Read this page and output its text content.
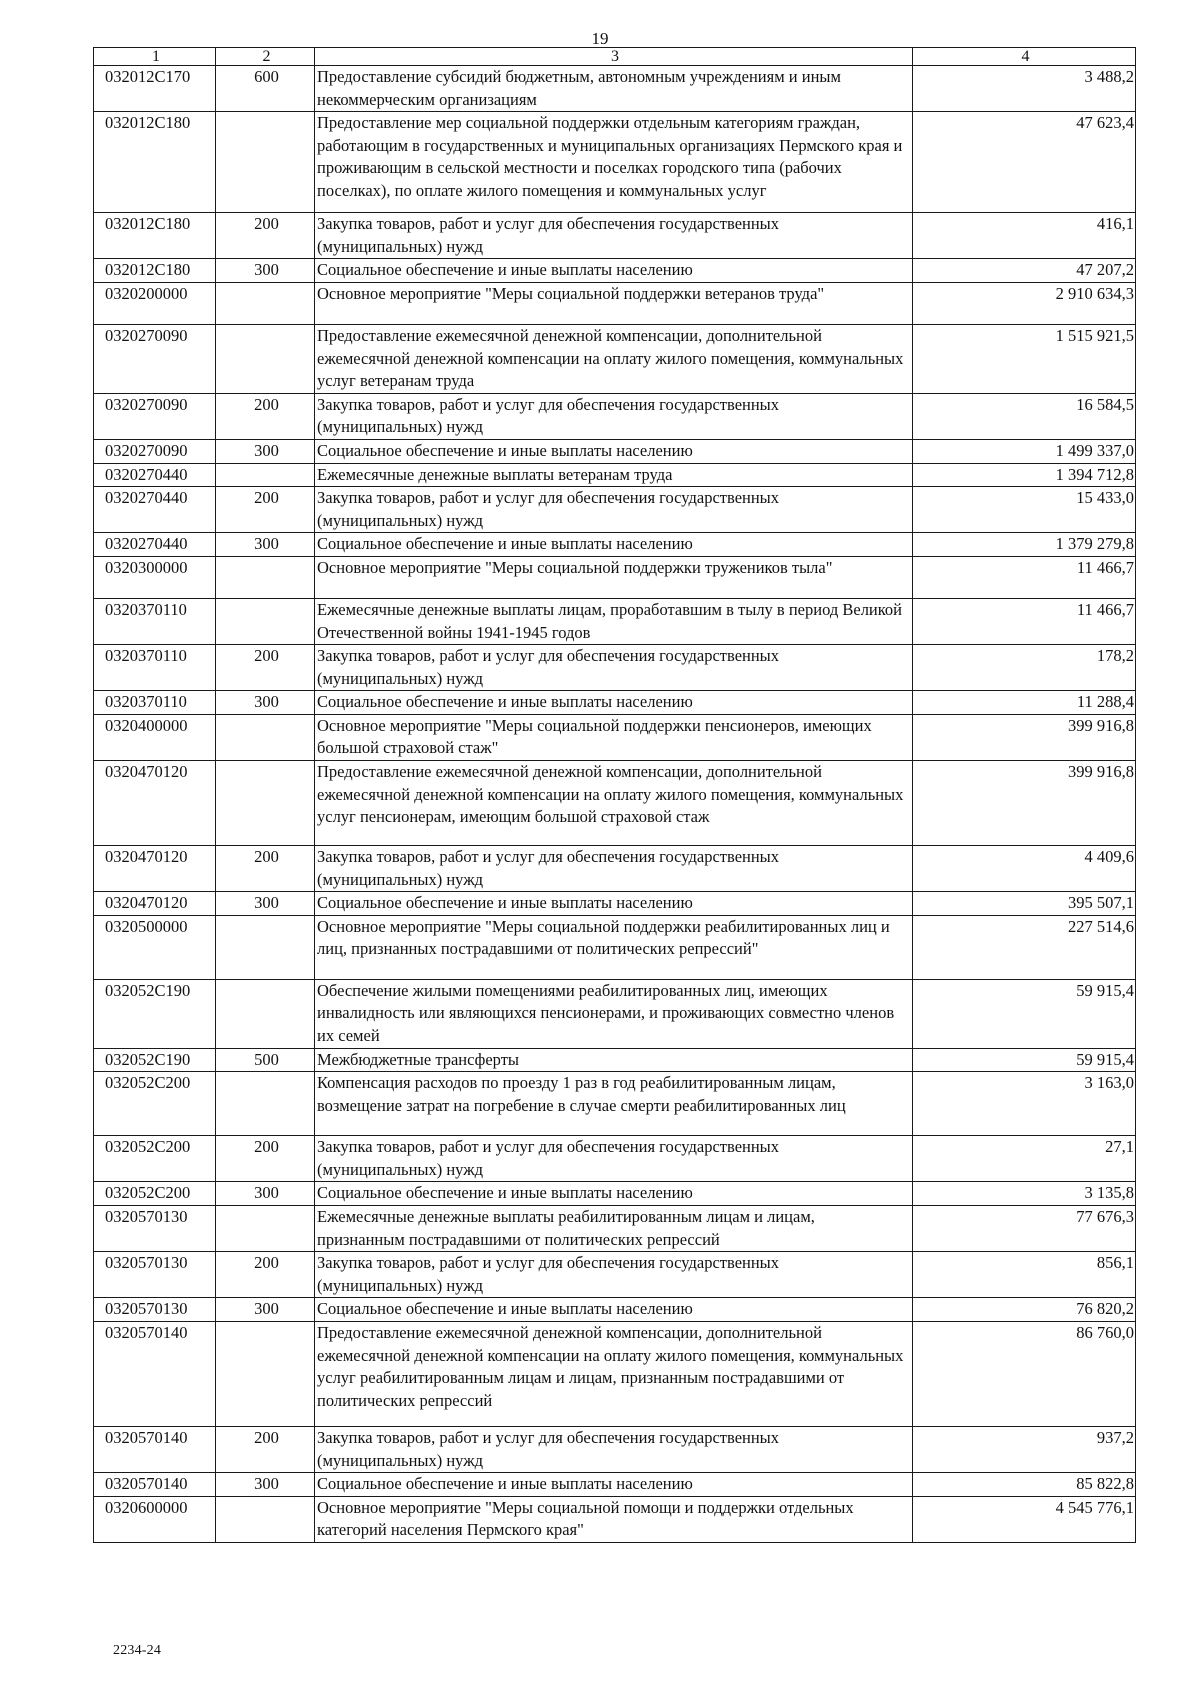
19
1	2	3	4
032012С170	600	Предоставление субсидий бюджетным, автономным учреждениям и иным некоммерческим организациям	3 488,2
032012С180		Предоставление мер социальной поддержки отдельным категориям граждан, работающим в государственных и муниципальных организациях Пермского края и проживающим в сельской местности и поселках городского типа (рабочих поселках), по оплате жилого помещения и коммунальных услуг	47 623,4
032012С180	200	Закупка товаров, работ и услуг для обеспечения государственных (муниципальных) нужд	416,1
032012С180	300	Социальное обеспечение и иные выплаты населению	47 207,2
0320200000		Основное мероприятие "Меры социальной поддержки ветеранов труда"	2 910 634,3
0320270090		Предоставление ежемесячной денежной компенсации, дополнительной ежемесячной денежной компенсации на оплату жилого помещения, коммунальных услуг ветеранам труда	1 515 921,5
0320270090	200	Закупка товаров, работ и услуг для обеспечения государственных (муниципальных) нужд	16 584,5
0320270090	300	Социальное обеспечение и иные выплаты населению	1 499 337,0
0320270440		Ежемесячные денежные выплаты ветеранам труда	1 394 712,8
0320270440	200	Закупка товаров, работ и услуг для обеспечения государственных (муниципальных) нужд	15 433,0
0320270440	300	Социальное обеспечение и иные выплаты населению	1 379 279,8
0320300000		Основное мероприятие "Меры социальной поддержки тружеников тыла"	11 466,7
0320370110		Ежемесячные денежные выплаты лицам, проработавшим в тылу в период Великой Отечественной войны 1941-1945 годов	11 466,7
0320370110	200	Закупка товаров, работ и услуг для обеспечения государственных (муниципальных) нужд	178,2
0320370110	300	Социальное обеспечение и иные выплаты населению	11 288,4
0320400000		Основное мероприятие "Меры социальной поддержки пенсионеров, имеющих большой страховой стаж"	399 916,8
0320470120		Предоставление ежемесячной денежной компенсации, дополнительной ежемесячной денежной компенсации на оплату жилого помещения, коммунальных услуг пенсионерам, имеющим большой страховой стаж	399 916,8
0320470120	200	Закупка товаров, работ и услуг для обеспечения государственных (муниципальных) нужд	4 409,6
0320470120	300	Социальное обеспечение и иные выплаты населению	395 507,1
0320500000		Основное мероприятие "Меры социальной поддержки реабилитированных лиц и лиц, признанных пострадавшими от политических репрессий"	227 514,6
032052С190		Обеспечение жилыми помещениями реабилитированных лиц, имеющих инвалидность или являющихся пенсионерами, и проживающих совместно членов их семей	59 915,4
032052С190	500	Межбюджетные трансферты	59 915,4
032052С200		Компенсация расходов по проезду 1 раз в год реабилитированным лицам, возмещение затрат на погребение в случае смерти реабилитированных лиц	3 163,0
032052С200	200	Закупка товаров, работ и услуг для обеспечения государственных (муниципальных) нужд	27,1
032052С200	300	Социальное обеспечение и иные выплаты населению	3 135,8
0320570130		Ежемесячные денежные выплаты реабилитированным лицам и лицам, признанным пострадавшими от политических репрессий	77 676,3
0320570130	200	Закупка товаров, работ и услуг для обеспечения государственных (муниципальных) нужд	856,1
0320570130	300	Социальное обеспечение и иные выплаты населению	76 820,2
0320570140		Предоставление ежемесячной денежной компенсации, дополнительной ежемесячной денежной компенсации на оплату жилого помещения, коммунальных услуг реабилитированным лицам и лицам, признанным пострадавшими от политических репрессий	86 760,0
0320570140	200	Закупка товаров, работ и услуг для обеспечения государственных (муниципальных) нужд	937,2
0320570140	300	Социальное обеспечение и иные выплаты населению	85 822,8
0320600000		Основное мероприятие "Меры социальной помощи и поддержки отдельных категорий населения Пермского края"	4 545 776,1
2234-24
